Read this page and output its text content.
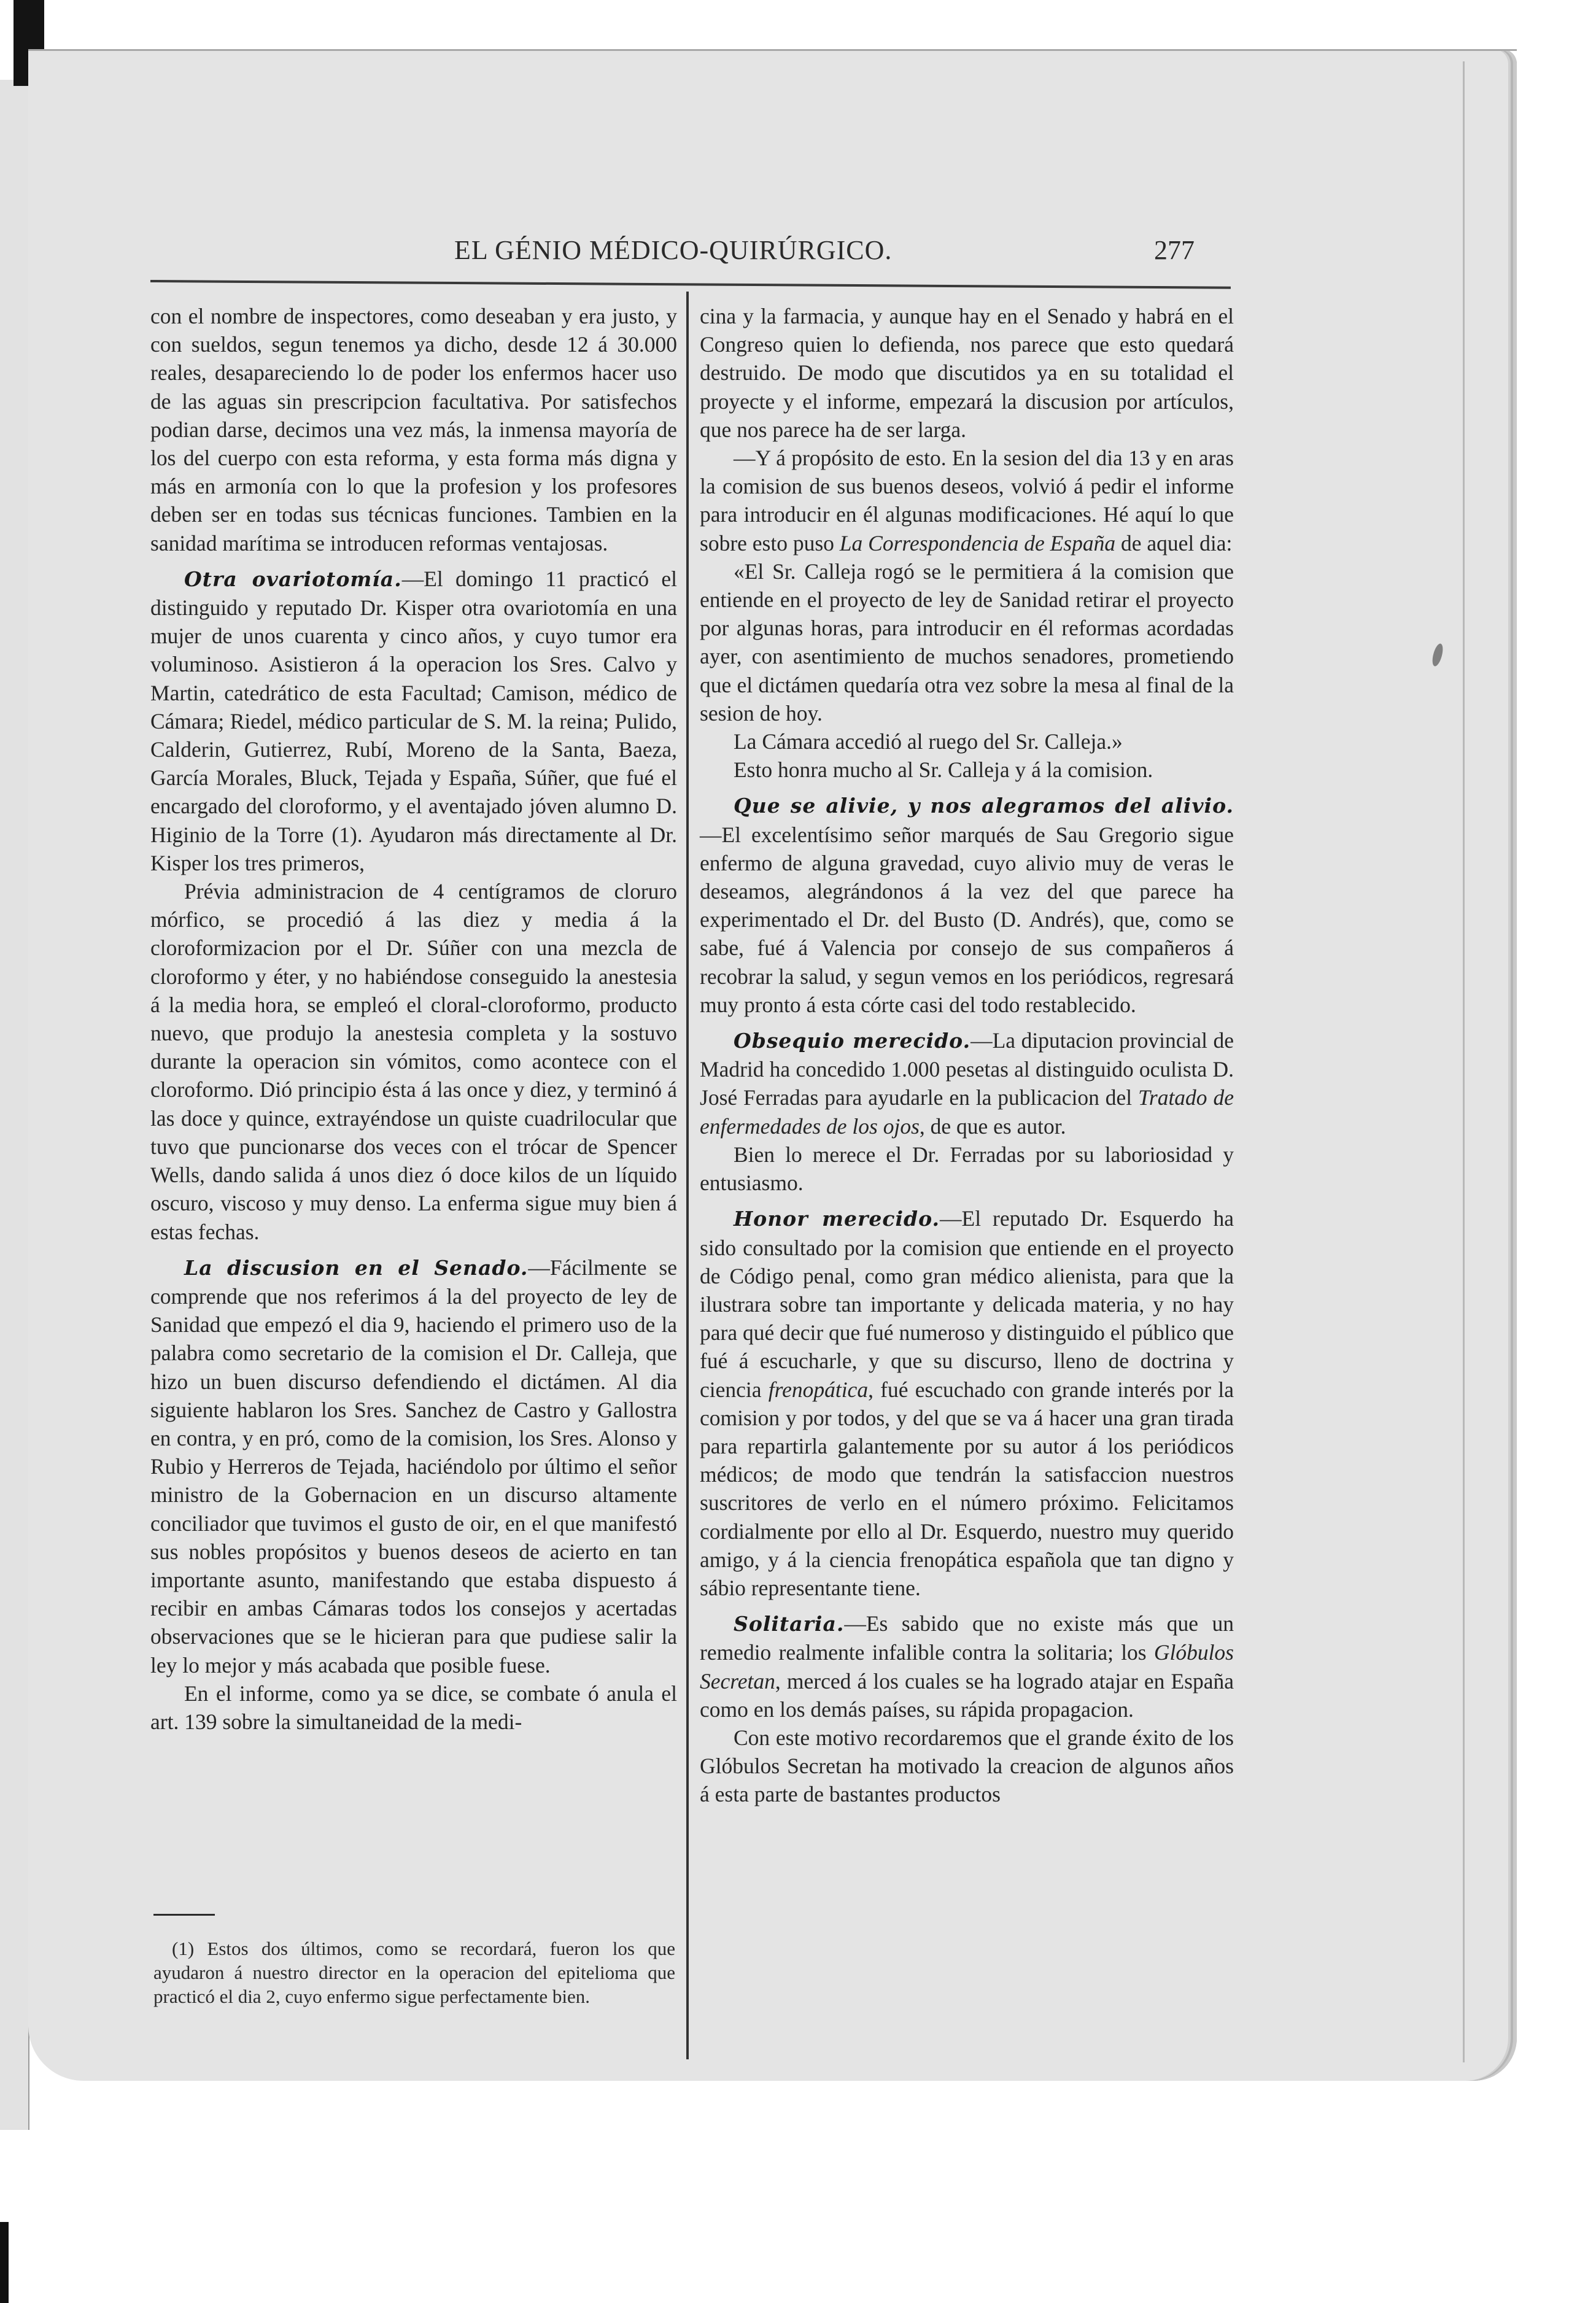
EL GÉNIO MÉDICO-QUIRÚRGICO.	277

con el nombre de inspectores, como deseaban y era justo, y con sueldos, segun tenemos ya dicho, desde 12 á 30.000 reales, desapareciendo lo de poder los enfermos hacer uso de las aguas sin prescripcion facultativa. Por satisfechos podian darse, decimos una vez más, la inmensa mayoría de los del cuerpo con esta reforma, y esta forma más digna y más en armonía con lo que la profesion y los profesores deben ser en todas sus técnicas funciones. Tambien en la sanidad marítima se introducen reformas ventajosas.

Otra ovariotomía.—El domingo 11 practicó el distinguido y reputado Dr. Kisper otra ovariotomía en una mujer de unos cuarenta y cinco años, y cuyo tumor era voluminoso. Asistieron á la operacion los Sres. Calvo y Martin, catedrático de esta Facultad; Camison, médico de Cámara; Riedel, médico particular de S. M. la reina; Pulido, Calderin, Gutierrez, Rubí, Moreno de la Santa, Baeza, García Morales, Bluck, Tejada y España, Súñer, que fué el encargado del cloroformo, y el aventajado jóven alumno D. Higinio de la Torre (1). Ayudaron más directamente al Dr. Kisper los tres primeros,

Prévia administracion de 4 centígramos de cloruro mórfico, se procedió á las diez y media á la cloroformizacion por el Dr. Súñer con una mezcla de cloroformo y éter, y no habiéndose conseguido la anestesia á la media hora, se empleó el cloral-cloroformo, producto nuevo, que produjo la anestesia completa y la sostuvo durante la operacion sin vómitos, como acontece con el cloroformo. Dió principio ésta á las once y diez, y terminó á las doce y quince, extrayéndose un quiste cuadrilocular que tuvo que puncionarse dos veces con el trócar de Spencer Wells, dando salida á unos diez ó doce kilos de un líquido oscuro, viscoso y muy denso. La enferma sigue muy bien á estas fechas.

La discusion en el Senado.—Fácilmente se comprende que nos referimos á la del proyecto de ley de Sanidad que empezó el dia 9, haciendo el primero uso de la palabra como secretario de la comision el Dr. Calleja, que hizo un buen discurso defendiendo el dictámen. Al dia siguiente hablaron los Sres. Sanchez de Castro y Gallostra en contra, y en pró, como de la comision, los Sres. Alonso y Rubio y Herreros de Tejada, haciéndolo por último el señor ministro de la Gobernacion en un discurso altamente conciliador que tuvimos el gusto de oir, en el que manifestó sus nobles propósitos y buenos deseos de acierto en tan importante asunto, manifestando que estaba dispuesto á recibir en ambas Cámaras todos los consejos y acertadas observaciones que se le hicieran para que pudiese salir la ley lo mejor y más acabada que posible fuese.

En el informe, como ya se dice, se combate ó anula el art. 139 sobre la simultaneidad de la medi-

(1) Estos dos últimos, como se recordará, fueron los que ayudaron á nuestro director en la operacion del epitelioma que practicó el dia 2, cuyo enfermo sigue perfectamente bien.

cina y la farmacia, y aunque hay en el Senado y habrá en el Congreso quien lo defienda, nos parece que esto quedará destruido. De modo que discutidos ya en su totalidad el proyecte y el informe, empezará la discusion por artículos, que nos parece ha de ser larga.

—Y á propósito de esto. En la sesion del dia 13 y en aras la comision de sus buenos deseos, volvió á pedir el informe para introducir en él algunas modificaciones. Hé aquí lo que sobre esto puso La Correspondencia de España de aquel dia:

«El Sr. Calleja rogó se le permitiera á la comision que entiende en el proyecto de ley de Sanidad retirar el proyecto por algunas horas, para introducir en él reformas acordadas ayer, con asentimiento de muchos senadores, prometiendo que el dictámen quedaría otra vez sobre la mesa al final de la sesion de hoy.

La Cámara accedió al ruego del Sr. Calleja.»

Esto honra mucho al Sr. Calleja y á la comision.

Que se alivie, y nos alegramos del alivio.—El excelentísimo señor marqués de Sau Gregorio sigue enfermo de alguna gravedad, cuyo alivio muy de veras le deseamos, alegrándonos á la vez del que parece ha experimentado el Dr. del Busto (D. Andrés), que, como se sabe, fué á Valencia por consejo de sus compañeros á recobrar la salud, y segun vemos en los periódicos, regresará muy pronto á esta córte casi del todo restablecido.

Obsequio merecido.—La diputacion provincial de Madrid ha concedido 1.000 pesetas al distinguido oculista D. José Ferradas para ayudarle en la publicacion del Tratado de enfermedades de los ojos, de que es autor.

Bien lo merece el Dr. Ferradas por su laboriosidad y entusiasmo.

Honor merecido.—El reputado Dr. Esquerdo ha sido consultado por la comision que entiende en el proyecto de Código penal, como gran médico alienista, para que la ilustrara sobre tan importante y delicada materia, y no hay para qué decir que fué numeroso y distinguido el público que fué á escucharle, y que su discurso, lleno de doctrina y ciencia frenopática, fué escuchado con grande interés por la comision y por todos, y del que se va á hacer una gran tirada para repartirla galantemente por su autor á los periódicos médicos; de modo que tendrán la satisfaccion nuestros suscritores de verlo en el número próximo. Felicitamos cordialmente por ello al Dr. Esquerdo, nuestro muy querido amigo, y á la ciencia frenopática española que tan digno y sábio representante tiene.

Solitaria.—Es sabido que no existe más que un remedio realmente infalible contra la solitaria; los Glóbulos Secretan, merced á los cuales se ha logrado atajar en España como en los demás países, su rápida propagacion.

Con este motivo recordaremos que el grande éxito de los Glóbulos Secretan ha motivado la creacion de algunos años á esta parte de bastantes productos
